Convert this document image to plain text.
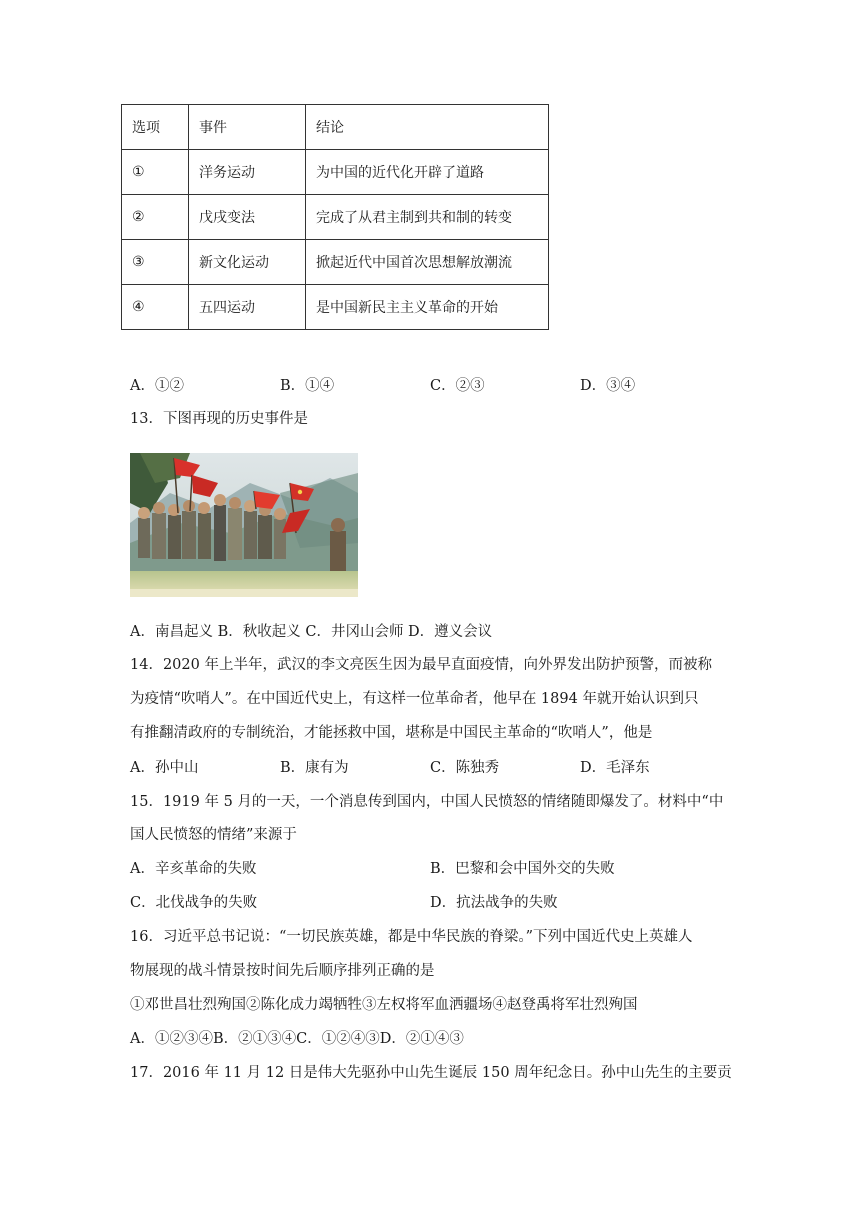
选项	事件	结论
①	洋务运动	为中国的近代化开辟了道路
②	戊戌变法	完成了从君主制到共和制的转变
③	新文化运动	掀起近代中国首次思想解放潮流
④	五四运动	是中国新民主主义革命的开始
A．①②	B．①④	C．②③	D．③④
13．下图再现的历史事件是
A．南昌起义 B．秋收起义 C．井冈山会师 D．遵义会议
14．2020 年上半年，武汉的李文亮医生因为最早直面疫情，向外界发出防护预警，而被称
为疫情“吹哨人”。在中国近代史上，有这样一位革命者，他早在 1894 年就开始认识到只
有推翻清政府的专制统治，才能拯救中国，堪称是中国民主革命的“吹哨人”，他是
A．孙中山	B．康有为	C．陈独秀	D．毛泽东
15．1919 年 5 月的一天，一个消息传到国内，中国人民愤怒的情绪随即爆发了。材料中“中
国人民愤怒的情绪”来源于
A．辛亥革命的失败	B．巴黎和会中国外交的失败
C．北伐战争的失败	D．抗法战争的失败
16．习近平总书记说：“一切民族英雄，都是中华民族的脊梁。”下列中国近代史上英雄人
物展现的战斗情景按时间先后顺序排列正确的是
①邓世昌壮烈殉国②陈化成力竭牺牲③左权将军血洒疆场④赵登禹将军壮烈殉国
A．①②③④B．②①③④C．①②④③D．②①④③
17．2016 年 11 月 12 日是伟大先驱孙中山先生诞辰 150 周年纪念日。孙中山先生的主要贡
